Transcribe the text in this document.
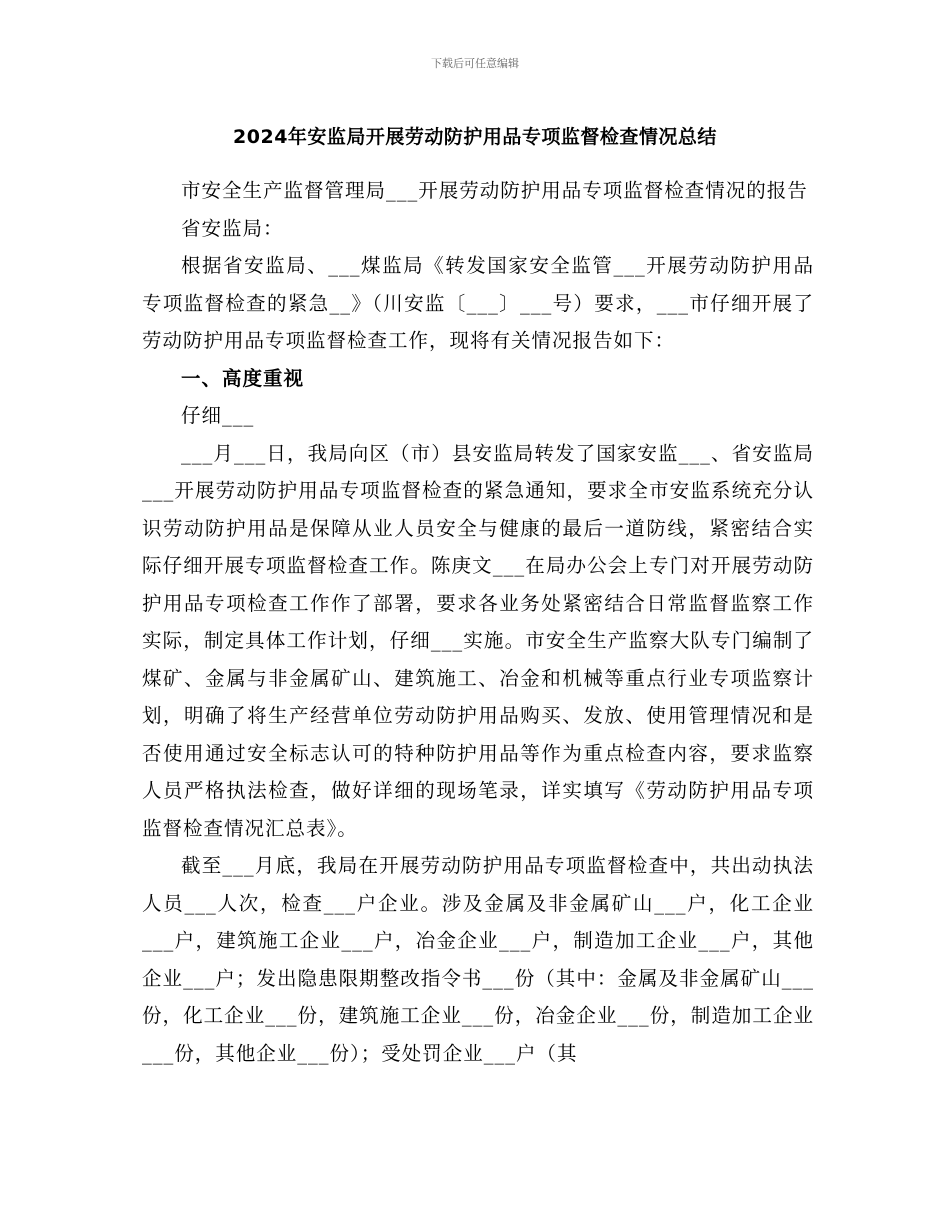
下载后可任意编辑
2024年安监局开展劳动防护用品专项监督检查情况总结

市安全生产监督管理局___开展劳动防护用品专项监督检查情况的报告

省安监局：

根据省安监局、___煤监局《转发国家安全监管___开展劳动防护用品专项监督检查的紧急__》（川安监〔___〕___号）要求，___市仔细开展了劳动防护用品专项监督检查工作，现将有关情况报告如下：

一、高度重视

仔细___

___月___日，我局向区（市）县安监局转发了国家安监___、省安监局___开展劳动防护用品专项监督检查的紧急通知，要求全市安监系统充分认识劳动防护用品是保障从业人员安全与健康的最后一道防线，紧密结合实际仔细开展专项监督检查工作。陈庚文___在局办公会上专门对开展劳动防护用品专项检查工作作了部署，要求各业务处紧密结合日常监督监察工作实际，制定具体工作计划，仔细___实施。市安全生产监察大队专门编制了煤矿、金属与非金属矿山、建筑施工、冶金和机械等重点行业专项监察计划，明确了将生产经营单位劳动防护用品购买、发放、使用管理情况和是否使用通过安全标志认可的特种防护用品等作为重点检查内容，要求监察人员严格执法检查，做好详细的现场笔录，详实填写《劳动防护用品专项监督检查情况汇总表》。

截至___月底，我局在开展劳动防护用品专项监督检查中，共出动执法人员___人次，检查___户企业。涉及金属及非金属矿山___户，化工企业___户，建筑施工企业___户，冶金企业___户，制造加工企业___户，其他企业___户；发出隐患限期整改指令书___份（其中：金属及非金属矿山___份，化工企业___份，建筑施工企业___份，冶金企业___份，制造加工企业___份，其他企业___份）；受处罚企业___户（其
